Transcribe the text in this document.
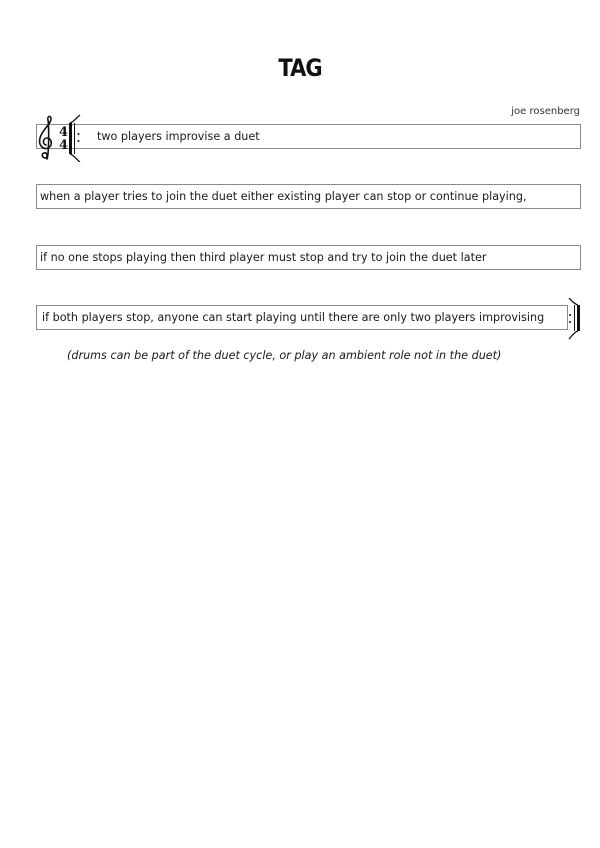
TAG
joe rosenberg
two players improvise a duet
4
4
when a player tries to join the duet either existing player can stop or continue playing,
if no one stops playing then third player must stop and try to join the duet later
if both players stop, anyone can start playing until there are only two players improvising
(drums can be part of the duet cycle, or play an ambient role not in the duet)
